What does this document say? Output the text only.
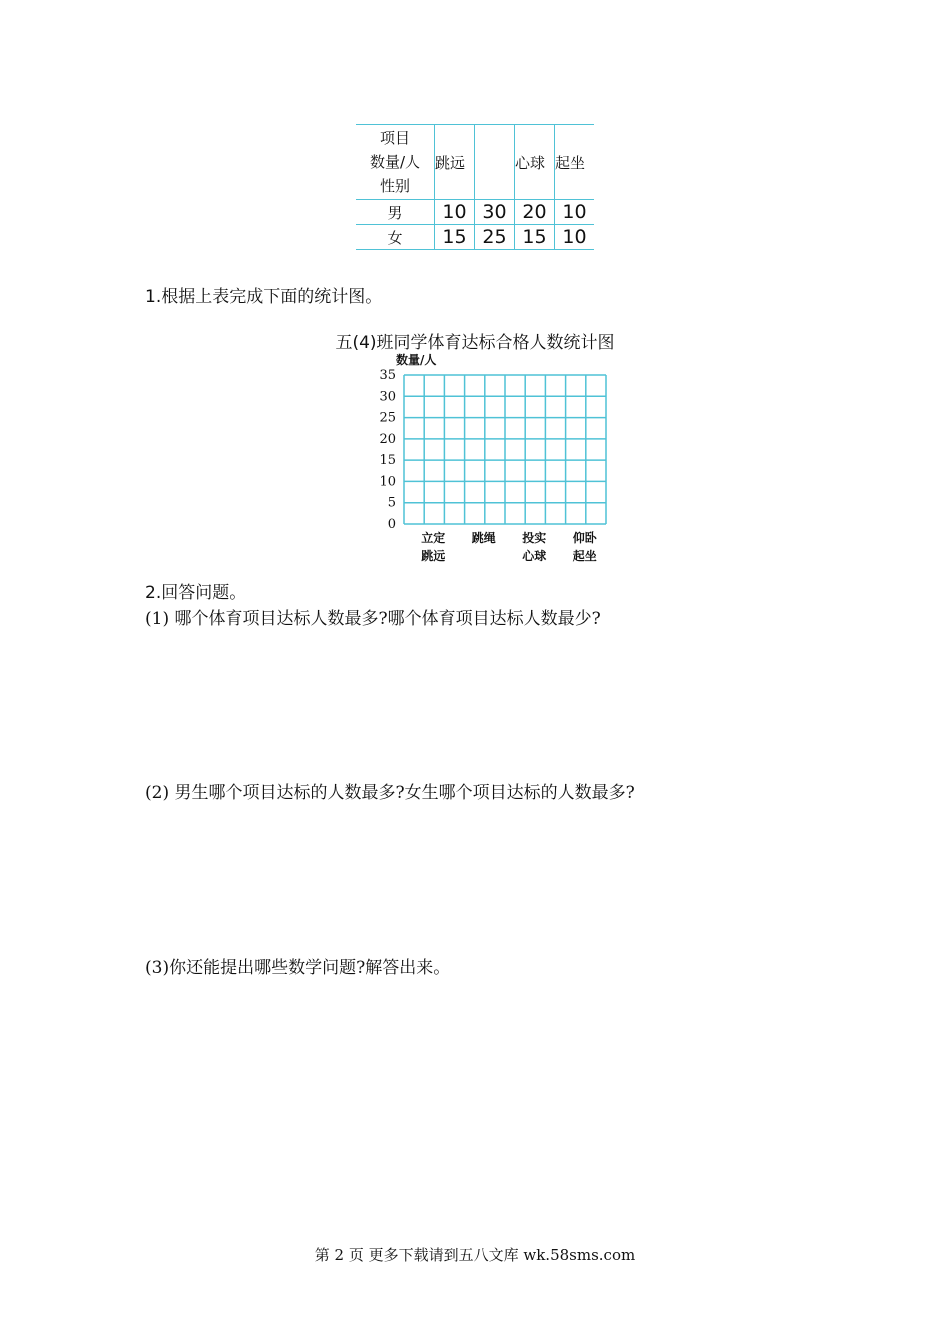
项目
数量/人
性别	跳远		心球	起坐
男	10	30	20	10
女	15	25	15	10
1.根据上表完成下面的统计图。
五(4)班同学体育达标合格人数统计图
数量/人
0
5
10
15
20
25
30
35
立定
跳远
跳绳 投实
心球
仰卧
起坐
2.回答问题。
(1) 哪个体育项目达标人数最多?哪个体育项目达标人数最少?
(2) 男生哪个项目达标的人数最多?女生哪个项目达标的人数最多?
(3)你还能提出哪些数学问题?解答出来。
第 2 页 更多下载请到五八文库 wk.58sms.com
